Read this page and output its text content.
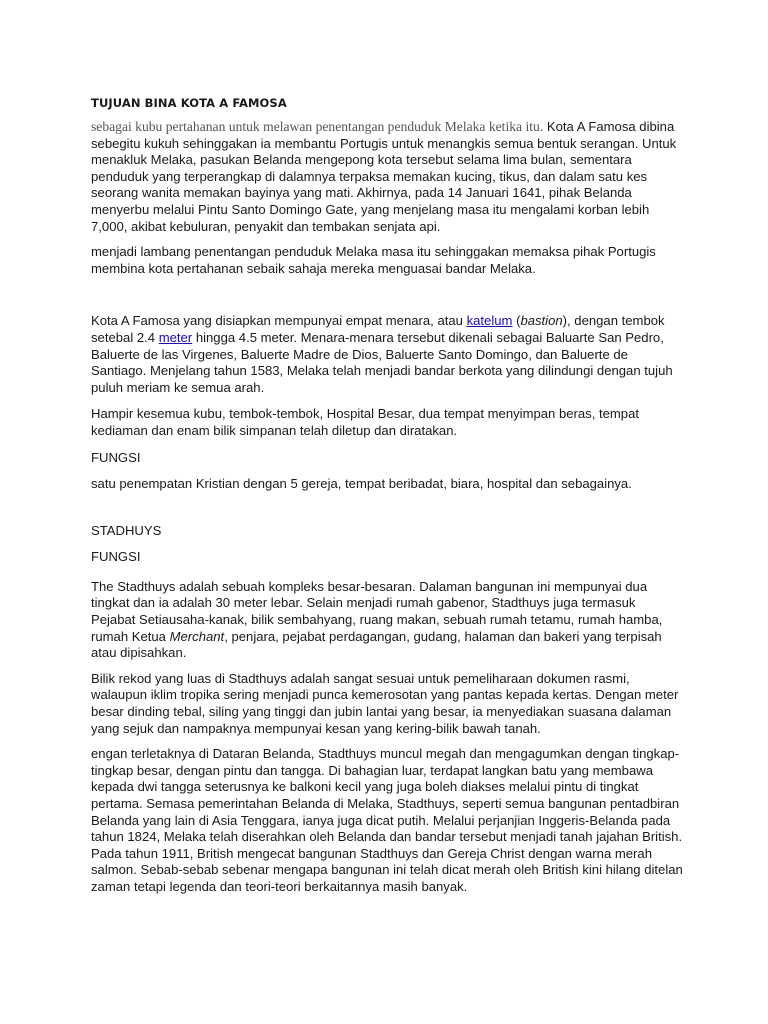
TUJUAN BINA KOTA A FAMOSA

sebagai kubu pertahanan untuk melawan penentangan penduduk Melaka ketika itu. Kota A Famosa dibina sebegitu kukuh sehinggakan ia membantu Portugis untuk menangkis semua bentuk serangan. Untuk menakluk Melaka, pasukan Belanda mengepong kota tersebut selama lima bulan, sementara penduduk yang terperangkap di dalamnya terpaksa memakan kucing, tikus, dan dalam satu kes seorang wanita memakan bayinya yang mati. Akhirnya, pada 14 Januari 1641, pihak Belanda menyerbu melalui Pintu Santo Domingo Gate, yang menjelang masa itu mengalami korban lebih 7,000, akibat kebuluran, penyakit dan tembakan senjata api.

menjadi lambang penentangan penduduk Melaka masa itu sehinggakan memaksa pihak Portugis membina kota pertahanan sebaik sahaja mereka menguasai bandar Melaka.

Kota A Famosa yang disiapkan mempunyai empat menara, atau katelum (bastion), dengan tembok setebal 2.4 meter hingga 4.5 meter. Menara-menara tersebut dikenali sebagai Baluarte San Pedro, Baluerte de las Virgenes, Baluerte Madre de Dios, Baluerte Santo Domingo, dan Baluerte de Santiago. Menjelang tahun 1583, Melaka telah menjadi bandar berkota yang dilindungi dengan tujuh puluh meriam ke semua arah.

Hampir kesemua kubu, tembok-tembok, Hospital Besar, dua tempat menyimpan beras, tempat kediaman dan enam bilik simpanan telah diletup dan diratakan.

FUNGSI

satu penempatan Kristian dengan 5 gereja, tempat beribadat, biara, hospital dan sebagainya.

STADHUYS

FUNGSI

The Stadthuys adalah sebuah kompleks besar-besaran. Dalaman bangunan ini mempunyai dua tingkat dan ia adalah 30 meter lebar. Selain menjadi rumah gabenor, Stadthuys juga termasuk Pejabat Setiausaha-kanak, bilik sembahyang, ruang makan, sebuah rumah tetamu, rumah hamba, rumah Ketua Merchant, penjara, pejabat perdagangan, gudang, halaman dan bakeri yang terpisah atau dipisahkan.

Bilik rekod yang luas di Stadthuys adalah sangat sesuai untuk pemeliharaan dokumen rasmi, walaupun iklim tropika sering menjadi punca kemerosotan yang pantas kepada kertas. Dengan meter besar dinding tebal, siling yang tinggi dan jubin lantai yang besar, ia menyediakan suasana dalaman yang sejuk dan nampaknya mempunyai kesan yang kering-bilik bawah tanah.

engan terletaknya di Dataran Belanda, Stadthuys muncul megah dan mengagumkan dengan tingkap-tingkap besar, dengan pintu dan tangga. Di bahagian luar, terdapat langkan batu yang membawa kepada dwi tangga seterusnya ke balkoni kecil yang juga boleh diakses melalui pintu di tingkat pertama. Semasa pemerintahan Belanda di Melaka, Stadthuys, seperti semua bangunan pentadbiran Belanda yang lain di Asia Tenggara, ianya juga dicat putih. Melalui perjanjian Inggeris-Belanda pada tahun 1824, Melaka telah diserahkan oleh Belanda dan bandar tersebut menjadi tanah jajahan British. Pada tahun 1911, British mengecat bangunan Stadthuys dan Gereja Christ dengan warna merah salmon. Sebab-sebab sebenar mengapa bangunan ini telah dicat merah oleh British kini hilang ditelan zaman tetapi legenda dan teori-teori berkaitannya masih banyak.
